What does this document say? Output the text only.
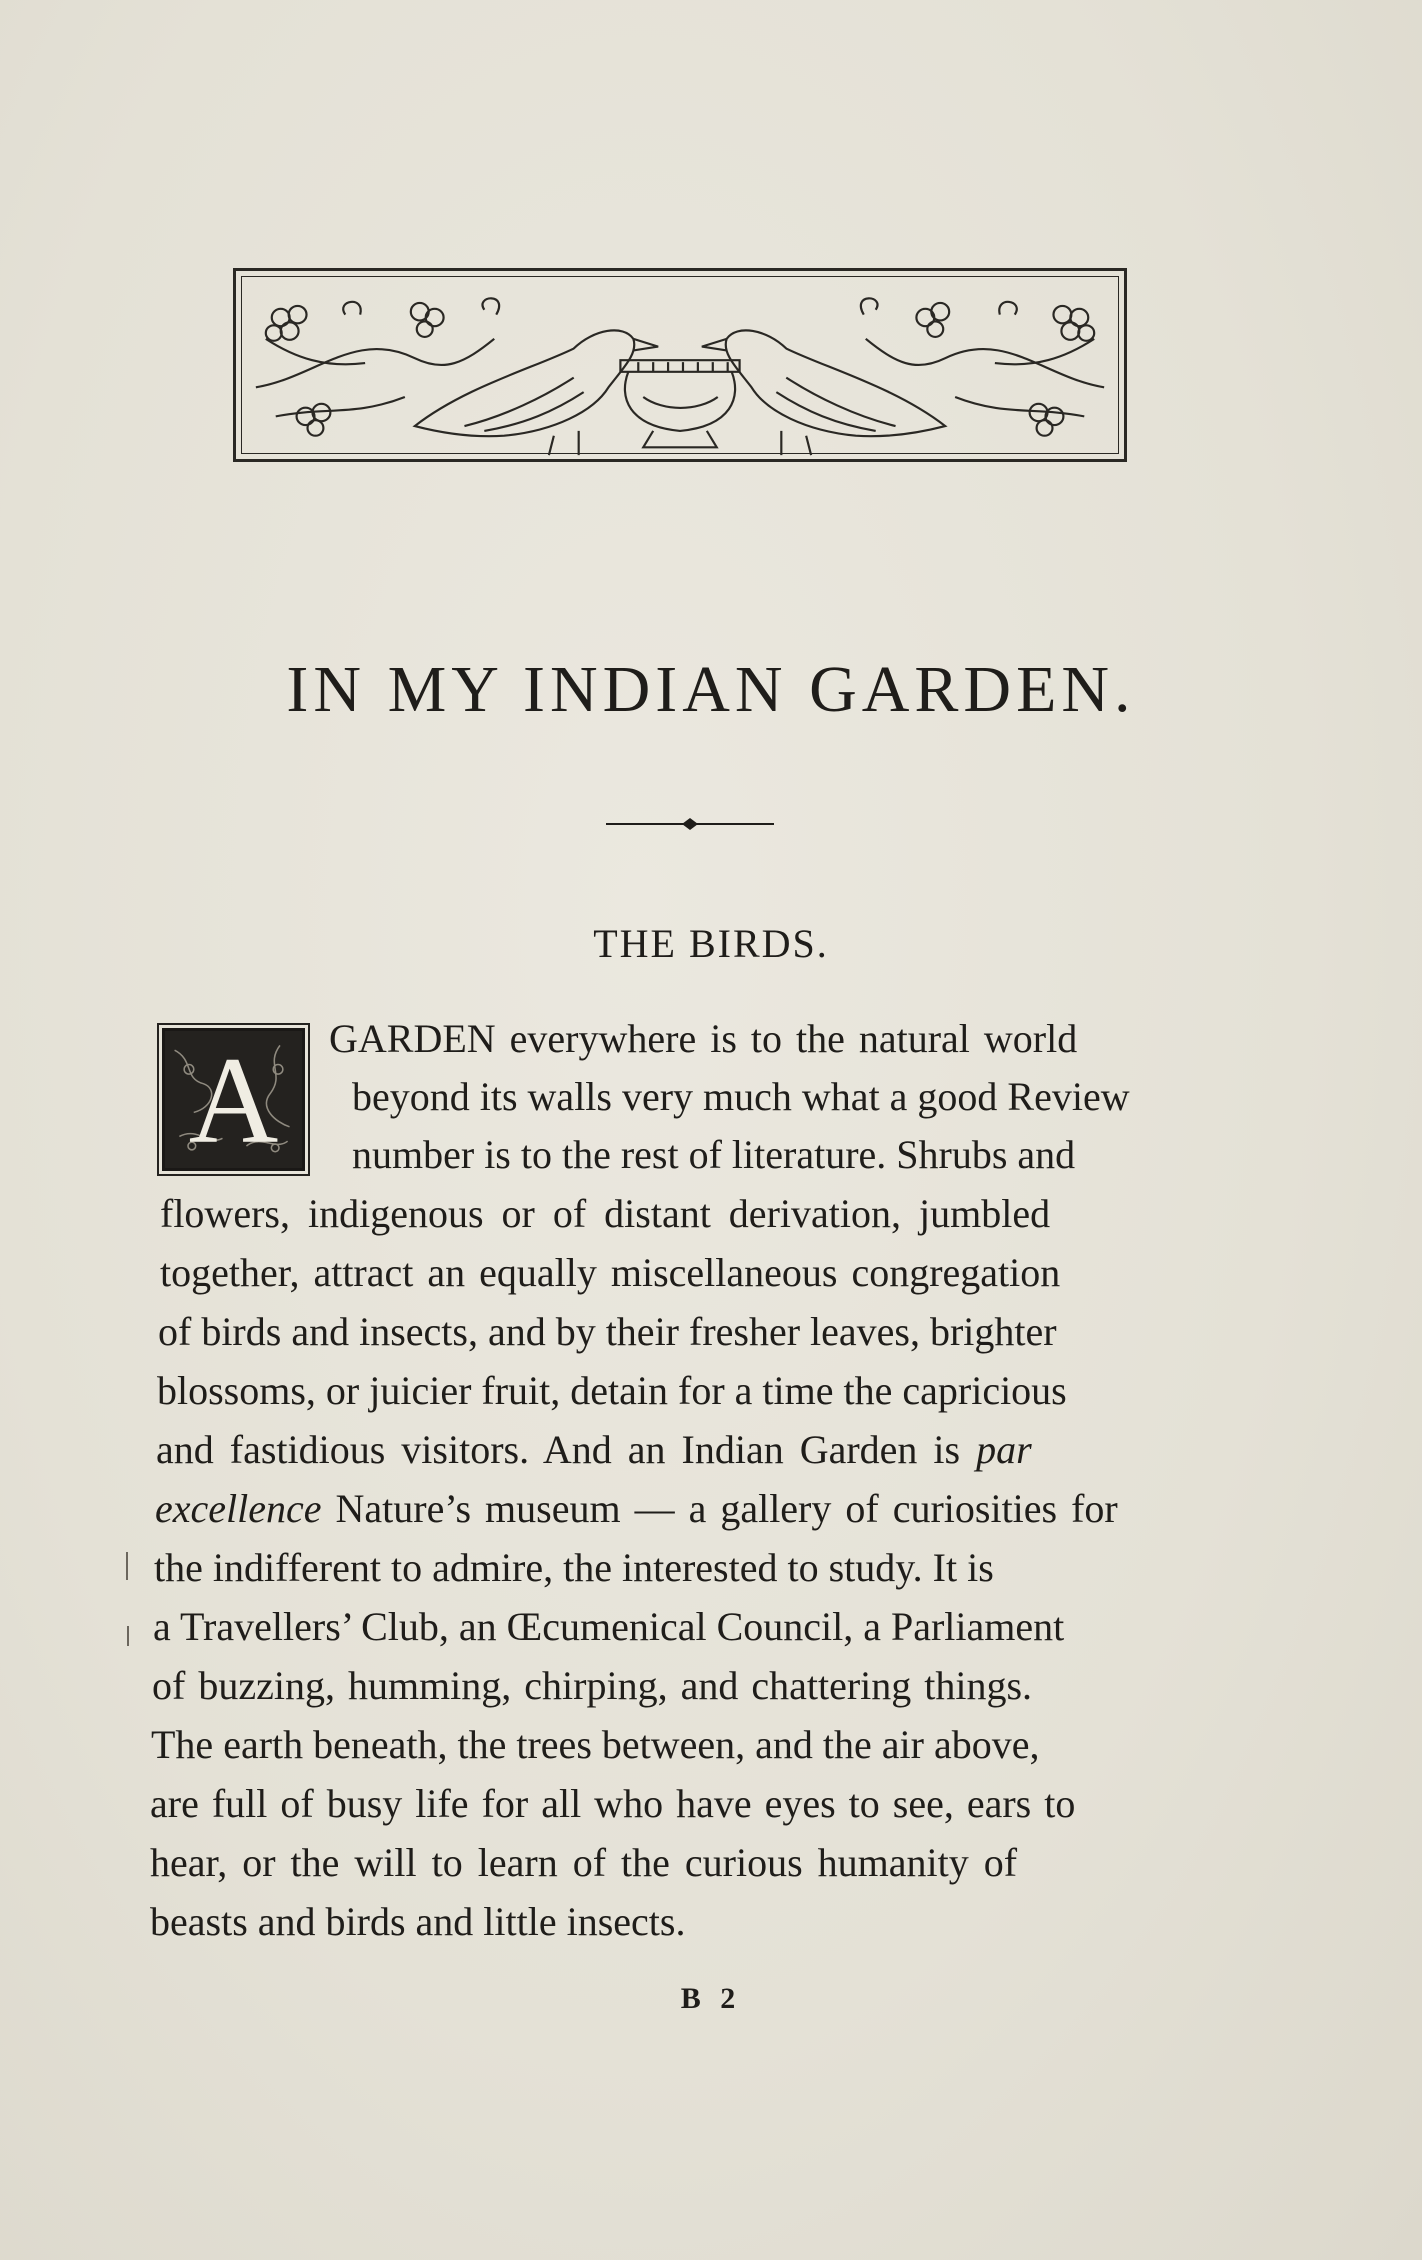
IN MY INDIAN GARDEN.
THE BIRDS.
A	GARDEN everywhere is to the natural world

beyond its walls very much what a good Review

number is to the rest of literature. Shrubs and

flowers, indigenous or of distant derivation, jumbled

together, attract an equally miscellaneous congregation

of birds and insects, and by their fresher leaves, brighter

blossoms, or juicier fruit, detain for a time the capricious

and fastidious visitors. And an Indian Garden is par

excellence Nature’s museum — a gallery of curiosities for

the indifferent to admire, the interested to study. It is

a Travellers’ Club, an Œcumenical Council, a Parliament

of buzzing, humming, chirping, and chattering things.

The earth beneath, the trees between, and the air above,

are full of busy life for all who have eyes to see, ears to

hear, or the will to learn of the curious humanity of

beasts and birds and little insects.

B 2
